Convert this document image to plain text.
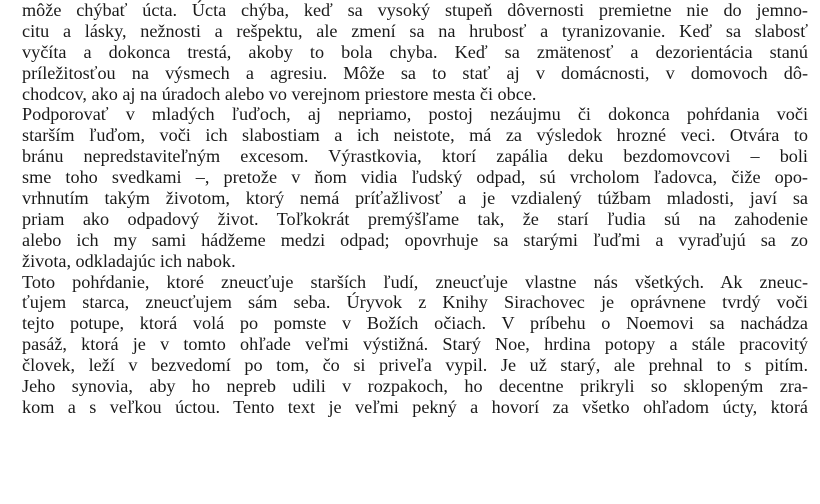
môže chýbať úcta. Úcta chýba, keď sa vysoký stupeň dôvernosti premietne nie do jemno-
citu a lásky, nežnosti a rešpektu, ale zmení sa na hrubosť a tyranizovanie. Keď sa slabosť
vyčíta a dokonca trestá, akoby to bola chyba. Keď sa zmätenosť a dezorientácia stanú
príležitosťou na výsmech a agresiu. Môže sa to stať aj v domácnosti, v domovoch dô-
chodcov, ako aj na úradoch alebo vo verejnom priestore mesta či obce.
Podporovať v mladých ľuďoch, aj nepriamo, postoj nezáujmu či dokonca pohŕdania voči
starším ľuďom, voči ich slabostiam a ich neistote, má za výsledok hrozné veci. Otvára to
bránu nepredstaviteľným excesom. Výrastkovia, ktorí zapália deku bezdomovcovi – boli
sme toho svedkami –, pretože v ňom vidia ľudský odpad, sú vrcholom ľadovca, čiže opo-
vrhnutím takým životom, ktorý nemá príťažlivosť a je vzdialený túžbam mladosti, javí sa
priam ako odpadový život. Toľkokrát premýšľame tak, že starí ľudia sú na zahodenie
alebo ich my sami hádžeme medzi odpad; opovrhuje sa starými ľuďmi a vyraďujú sa zo
života, odkladajúc ich nabok.
Toto pohŕdanie, ktoré zneucťuje starších ľudí, zneucťuje vlastne nás všetkých. Ak zneuc-
ťujem starca, zneucťujem sám seba. Úryvok z Knihy Sirachovec je oprávnene tvrdý voči
tejto potupe, ktorá volá po pomste v Božích očiach. V príbehu o Noemovi sa nachádza
pasáž, ktorá je v tomto ohľade veľmi výstižná. Starý Noe, hrdina potopy a stále pracovitý
človek, leží v bezvedomí po tom, čo si priveľa vypil. Je už starý, ale prehnal to s pitím.
Jeho synovia, aby ho nepreb udili v rozpakoch, ho decentne prikryli so sklopeným zra-
kom a s veľkou úctou. Tento text je veľmi pekný a hovorí za všetko ohľadom úcty, ktorá
